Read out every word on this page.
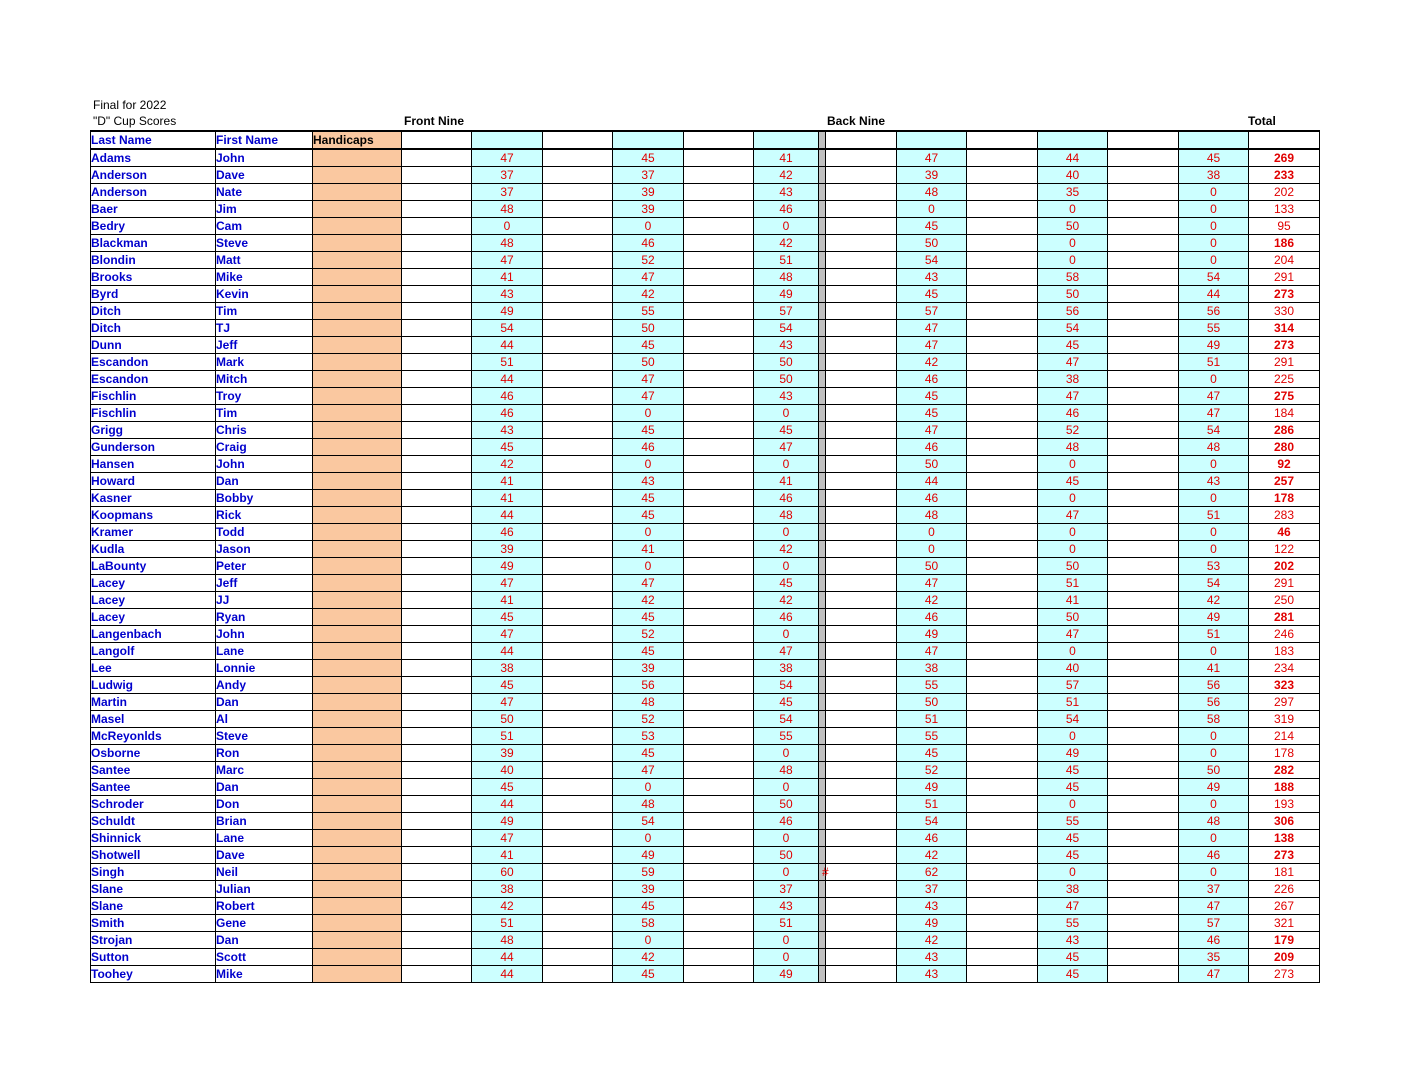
Final for 2022
"D" Cup Scores	Front Nine	Back Nine	Total
Last Name	First Name	Handicaps														
Adams	John			47		45		41			47		44		45	269
Anderson	Dave			37		37		42			39		40		38	233
Anderson	Nate			37		39		43			48		35		0	202
Baer	Jim			48		39		46			0		0		0	133
Bedry	Cam			0		0		0			45		50		0	95
Blackman	Steve			48		46		42			50		0		0	186
Blondin	Matt			47		52		51			54		0		0	204
Brooks	Mike			41		47		48			43		58		54	291
Byrd	Kevin			43		42		49			45		50		44	273
Ditch	Tim			49		55		57			57		56		56	330
Ditch	TJ			54		50		54			47		54		55	314
Dunn	Jeff			44		45		43			47		45		49	273
Escandon	Mark			51		50		50			42		47		51	291
Escandon	Mitch			44		47		50			46		38		0	225
Fischlin	Troy			46		47		43			45		47		47	275
Fischlin	Tim			46		0		0			45		46		47	184
Grigg	Chris			43		45		45			47		52		54	286
Gunderson	Craig			45		46		47			46		48		48	280
Hansen	John			42		0		0			50		0		0	92
Howard	Dan			41		43		41			44		45		43	257
Kasner	Bobby			41		45		46			46		0		0	178
Koopmans	Rick			44		45		48			48		47		51	283
Kramer	Todd			46		0		0			0		0		0	46
Kudla	Jason			39		41		42			0		0		0	122
LaBounty	Peter			49		0		0			50		50		53	202
Lacey	Jeff			47		47		45			47		51		54	291
Lacey	JJ			41		42		42			42		41		42	250
Lacey	Ryan			45		45		46			46		50		49	281
Langenbach	John			47		52		0			49		47		51	246
Langolf	Lane			44		45		47			47		0		0	183
Lee	Lonnie			38		39		38			38		40		41	234
Ludwig	Andy			45		56		54			55		57		56	323
Martin	Dan			47		48		45			50		51		56	297
Masel	Al			50		52		54			51		54		58	319
McReyonlds	Steve			51		53		55			55		0		0	214
Osborne	Ron			39		45		0			45		49		0	178
Santee	Marc			40		47		48			52		45		50	282
Santee	Dan			45		0		0			49		45		49	188
Schroder	Don			44		48		50			51		0		0	193
Schuldt	Brian			49		54		46			54		55		48	306
Shinnick	Lane			47		0		0			46		45		0	138
Shotwell	Dave			41		49		50			42		45		46	273
Singh	Neil			60		59		0		#	62		0		0	181
Slane	Julian			38		39		37			37		38		37	226
Slane	Robert			42		45		43			43		47		47	267
Smith	Gene			51		58		51			49		55		57	321
Strojan	Dan			48		0		0			42		43		46	179
Sutton	Scott			44		42		0			43		45		35	209
Toohey	Mike			44		45		49			43		45		47	273
